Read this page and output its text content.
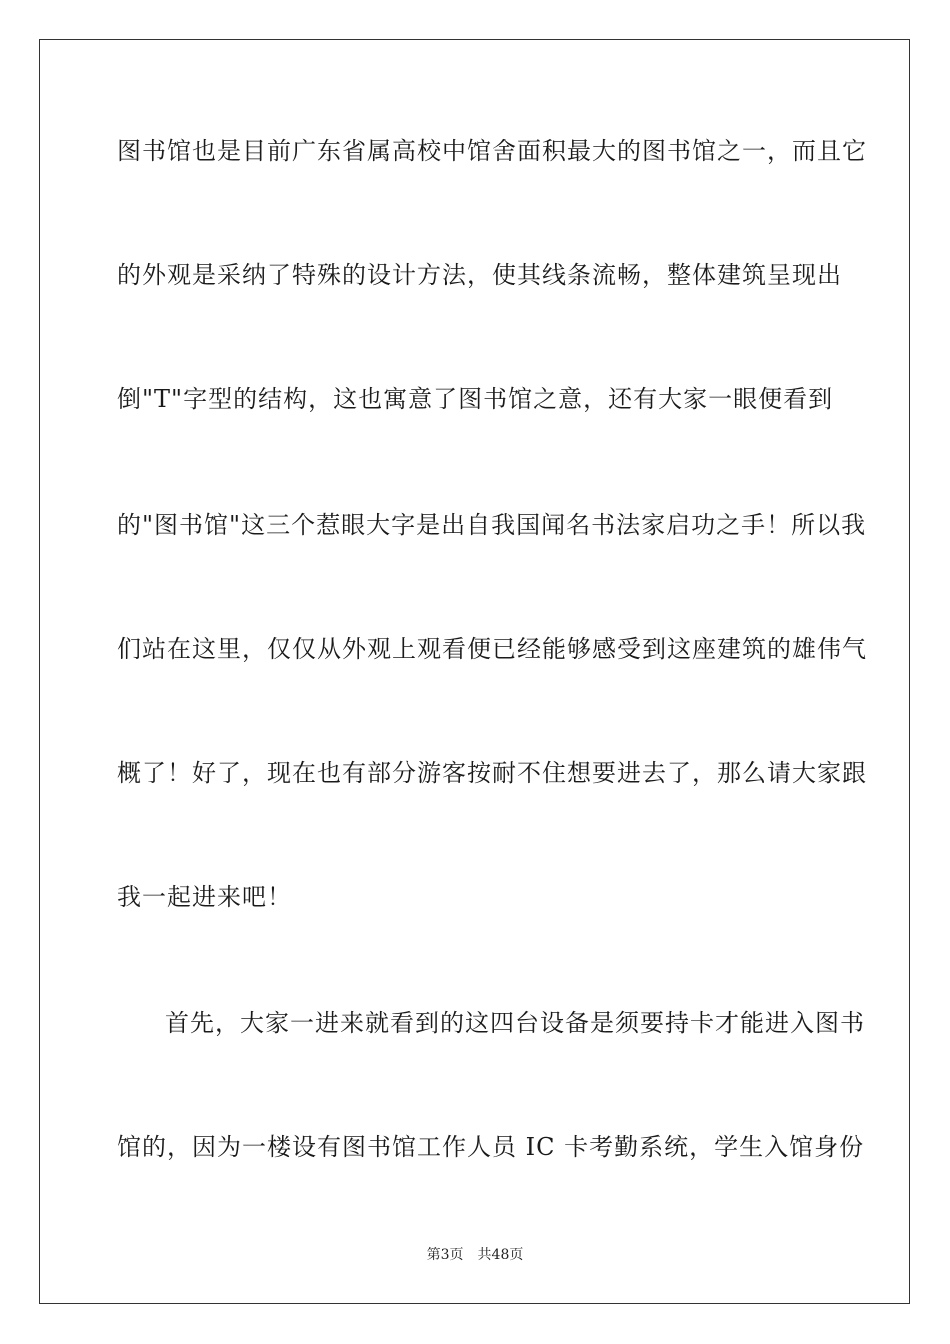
图书馆也是目前广东省属高校中馆舍面积最大的图书馆之一，而且它
的外观是采纳了特殊的设计方法，使其线条流畅，整体建筑呈现出
倒"T"字型的结构，这也寓意了图书馆之意，还有大家一眼便看到
的"图书馆"这三个惹眼大字是出自我国闻名书法家启功之手！所以我
们站在这里，仅仅从外观上观看便已经能够感受到这座建筑的雄伟气
概了！好了，现在也有部分游客按耐不住想要进去了，那么请大家跟
我一起进来吧！
首先，大家一进来就看到的这四台设备是须要持卡才能进入图书
馆的，因为一楼设有图书馆工作人员 IC 卡考勤系统，学生入馆身份
第3页 共48页
